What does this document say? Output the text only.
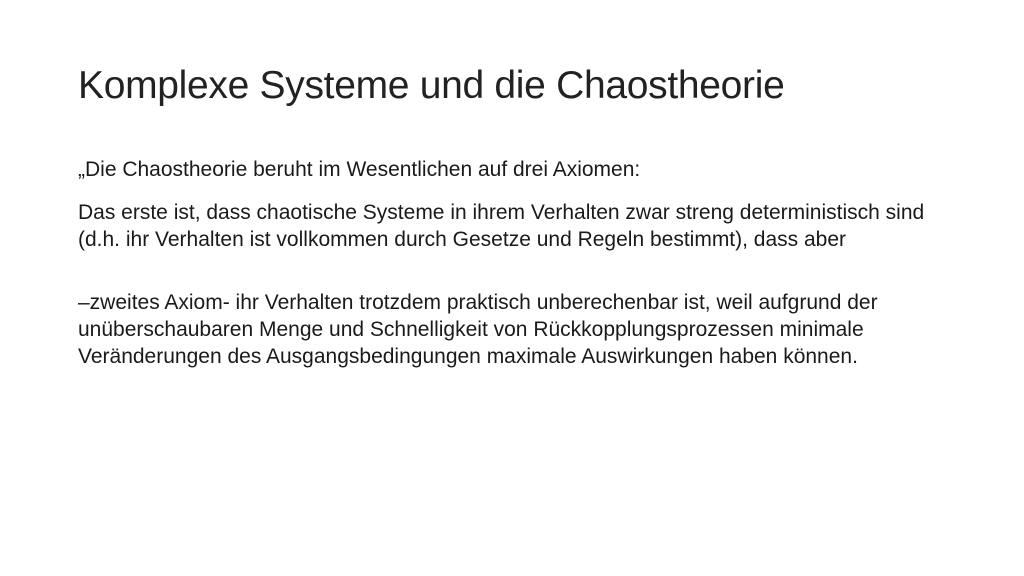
Komplexe Systeme und die Chaostheorie

„Die Chaostheorie beruht im Wesentlichen auf drei Axiomen:

Das erste ist, dass chaotische Systeme in ihrem Verhalten zwar streng deterministisch sind (d.h. ihr Verhalten ist vollkommen durch Gesetze und Regeln bestimmt), dass aber

–zweites Axiom- ihr Verhalten trotzdem praktisch unberechenbar ist, weil aufgrund der unüberschaubaren Menge und Schnelligkeit von Rückkopplungsprozessen minimale Veränderungen des Ausgangsbedingungen maximale Auswirkungen haben können.
